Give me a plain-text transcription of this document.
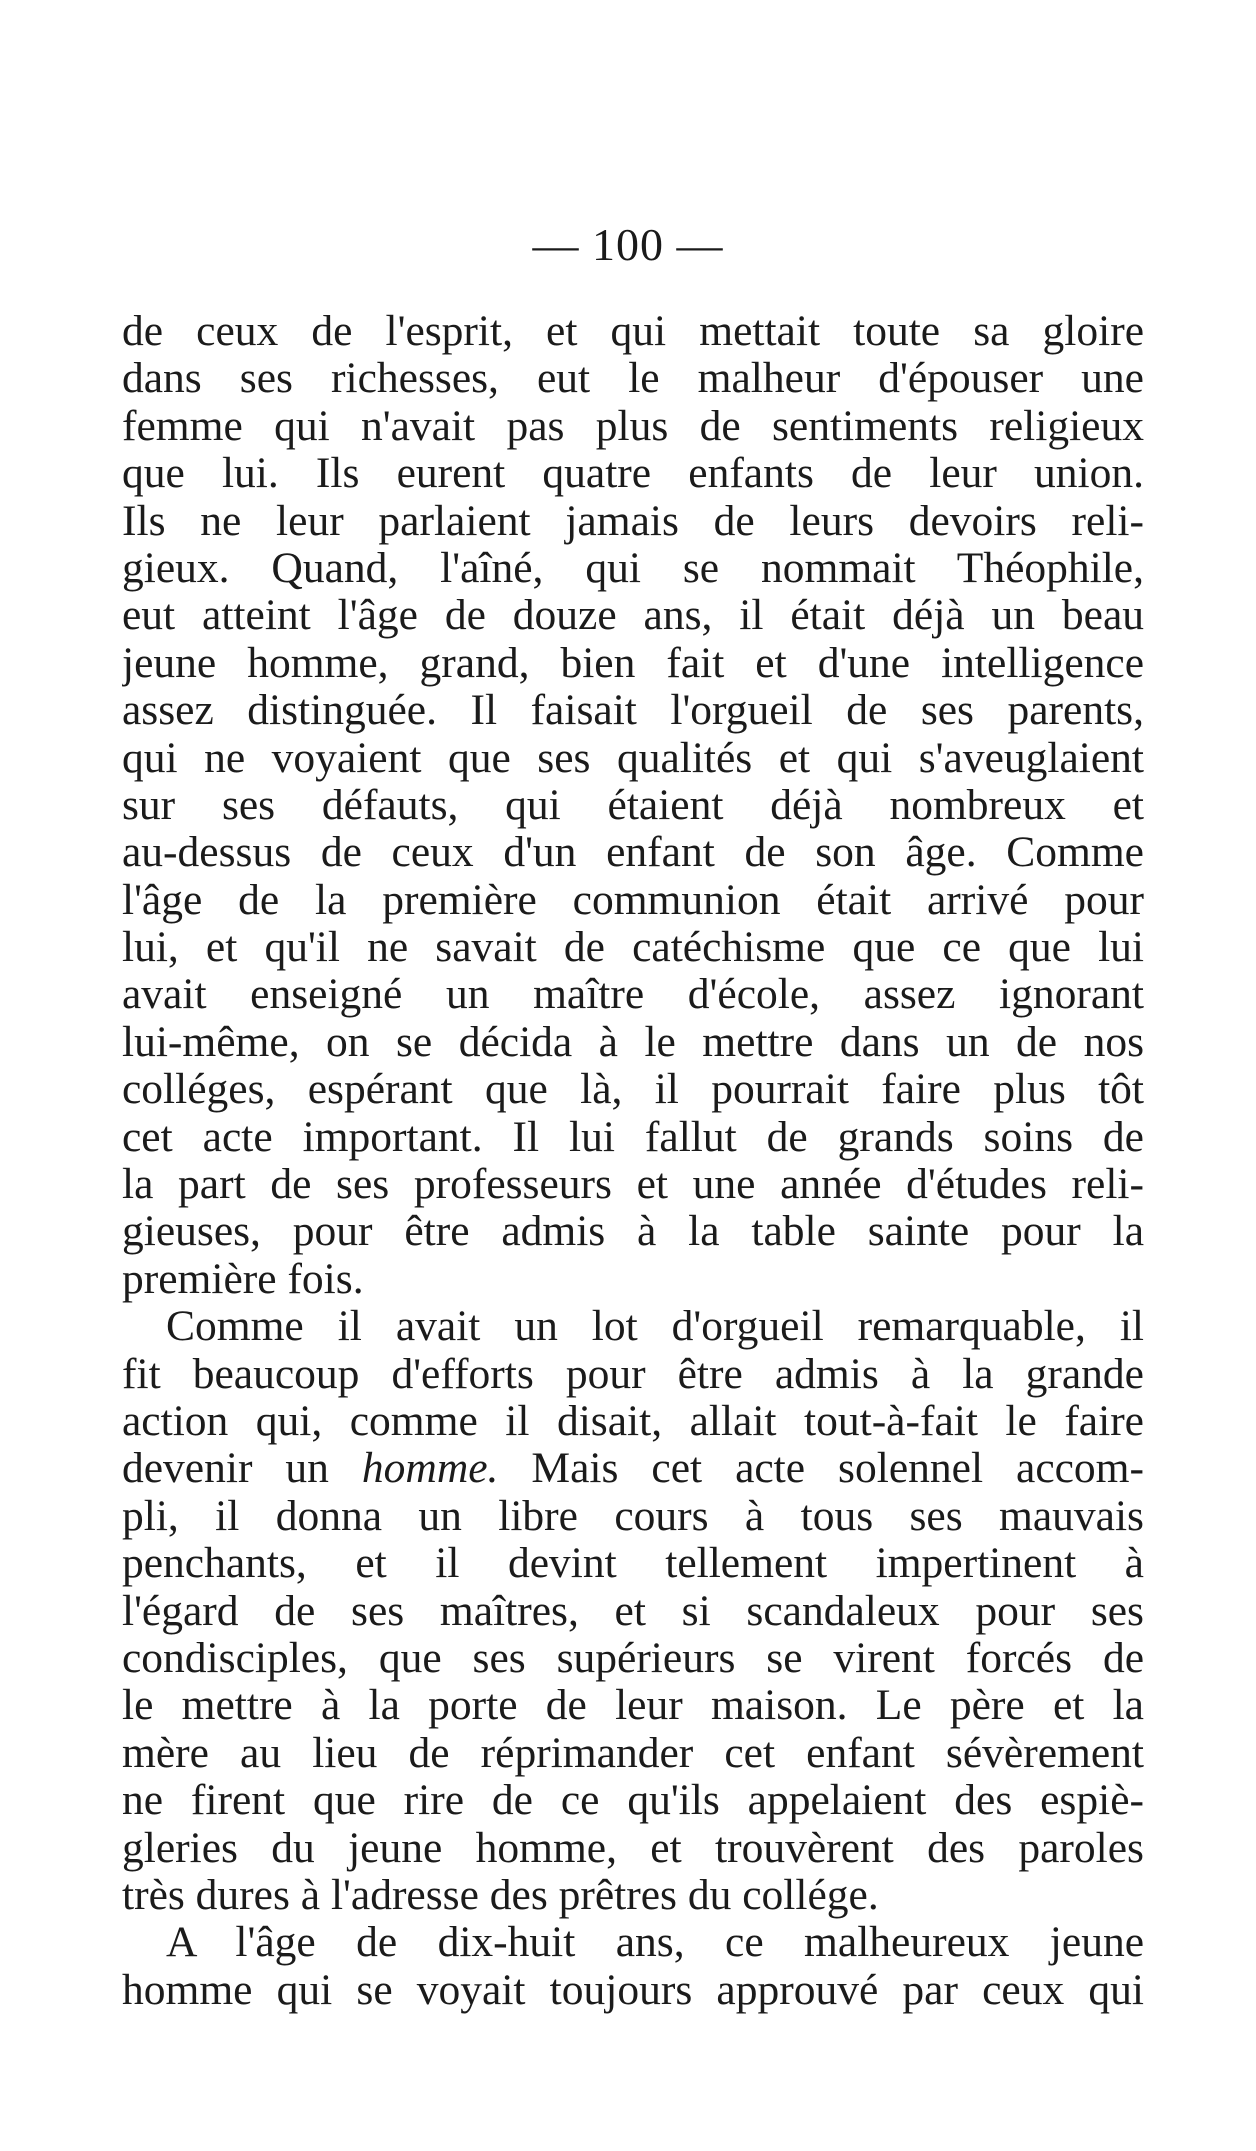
— 100 —
de ceux de l'esprit, et qui mettait toute sa gloire
dans ses richesses, eut le malheur d'épouser une
femme qui n'avait pas plus de sentiments religieux
que lui. Ils eurent quatre enfants de leur union.
Ils ne leur parlaient jamais de leurs devoirs reli-
gieux. Quand, l'aîné, qui se nommait Théophile,
eut atteint l'âge de douze ans, il était déjà un beau
jeune homme, grand, bien fait et d'une intelligence
assez distinguée. Il faisait l'orgueil de ses parents,
qui ne voyaient que ses qualités et qui s'aveuglaient
sur ses défauts, qui étaient déjà nombreux et
au-dessus de ceux d'un enfant de son âge. Comme
l'âge de la première communion était arrivé pour
lui, et qu'il ne savait de catéchisme que ce que lui
avait enseigné un maître d'école, assez ignorant
lui-même, on se décida à le mettre dans un de nos
colléges, espérant que là, il pourrait faire plus tôt
cet acte important. Il lui fallut de grands soins de
la part de ses professeurs et une année d'études reli-
gieuses, pour être admis à la table sainte pour la
première fois.
Comme il avait un lot d'orgueil remarquable, il
fit beaucoup d'efforts pour être admis à la grande
action qui, comme il disait, allait tout-à-fait le faire
devenir un homme. Mais cet acte solennel accom-
pli, il donna un libre cours à tous ses mauvais
penchants, et il devint tellement impertinent à
l'égard de ses maîtres, et si scandaleux pour ses
condisciples, que ses supérieurs se virent forcés de
le mettre à la porte de leur maison. Le père et la
mère au lieu de réprimander cet enfant sévèrement
ne firent que rire de ce qu'ils appelaient des espiè-
gleries du jeune homme, et trouvèrent des paroles
très dures à l'adresse des prêtres du collége.
A l'âge de dix-huit ans, ce malheureux jeune
homme qui se voyait toujours approuvé par ceux qui
